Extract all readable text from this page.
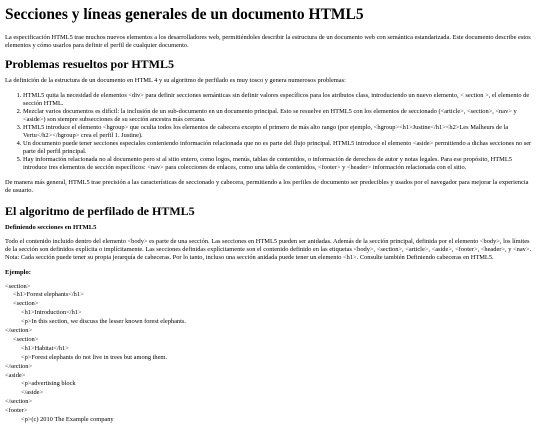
Secciones y líneas generales de un documento HTML5

La especificación HTML5 trae muchos nuevos elementos a los desarrolladores web, permitiéndoles describir la estructura de un documento web con semántica estandarizada. Este documento describe estos elementos y cómo usarlos para definir el perfil de cualquier documento.

Problemas resueltos por HTML5

La definición de la estructura de un documento en HTML 4 y su algoritmo de perfilado es muy tosco y genera numerosos problemas:

1. HTML5 quita la necesidad de elementos <div> para definir secciones semánticas sin definir valores específicos para los atributos class, introduciendo un nuevo elemento, < section >, el elemento de sección HTML.
2. Mezclar varios documentos es difícil: la inclusión de un sub-documento en un documento principal. Esto se resuelve en HTML5 con los elementos de seccionado (<article>, <section>, <nav> y <aside>) son siempre subsecciones de su sección ancestra más cercana.
3. HTML5 introduce el elemento <hgroup> que oculta todos los elementos de cabecera excepto el primero de más alto rango (por ejemplo, <hgroup><h1>Justine</h1><h2>Les Malheurs de la Vertu</h2></hgroup> crea el perfil 1. Justine).
4. Un documento puede tener secciones especiales conteniendo información relacionada que no es parte del flujo principal. HTML5 introduce el elemento <aside> permitiendo a dichas secciones no ser parte del perfil principal.
5. Hay información relacionada no al documento pero si al sitio entero, como logos, menús, tablas de contenidos, o información de derechos de autor y notas legales. Para ese propósito, HTML5 introduce tres elementos de sección específicos: <nav> para colecciones de enlaces, como una tabla de contenidos, <footer> y <header> información relacionada con el sitio.

De manera más general, HTML5 trae precisión a las características de seccionado y cabecera, permitiendo a los perfiles de documento ser predecibles y usados por el navegador para mejorar la experiencia de usuario.

El algoritmo de perfilado de HTML5
Definiendo secciones en HTML5

Todo el contenido incluido dentro del elemento <body> es parte de una sección. Las secciones en HTML5 pueden ser anidadas. Además de la sección principal, definida por el elemento <body>, los límites de la sección son definidos explícita o implícitamente. Las secciones definidas explícitamente son el contenido definido en las etiquetas <body>, <section>, <article>, <aside>, <footer>, <header>, y <nav>. Nota: Cada sección puede tener su propia jerarquía de cabeceras. Por lo tanto, incluso una sección anidada puede tener un elemento <h1>. Consulte también Definiendo cabeceras en HTML5.

Ejemplo:
<section>
<h1>Forest elephants</h1>
<section>
<h1>Introduction</h1>
<p>In this section, we discuss the lesser known forest elephants.
</section>
<section>
<h1>Habitat</h1>
<p>Forest elephants do not live in trees but among them.
</section>
<aside>
<p>advertising block
</aside>
</section>
<footer>
<p>(c) 2010 The Example company
